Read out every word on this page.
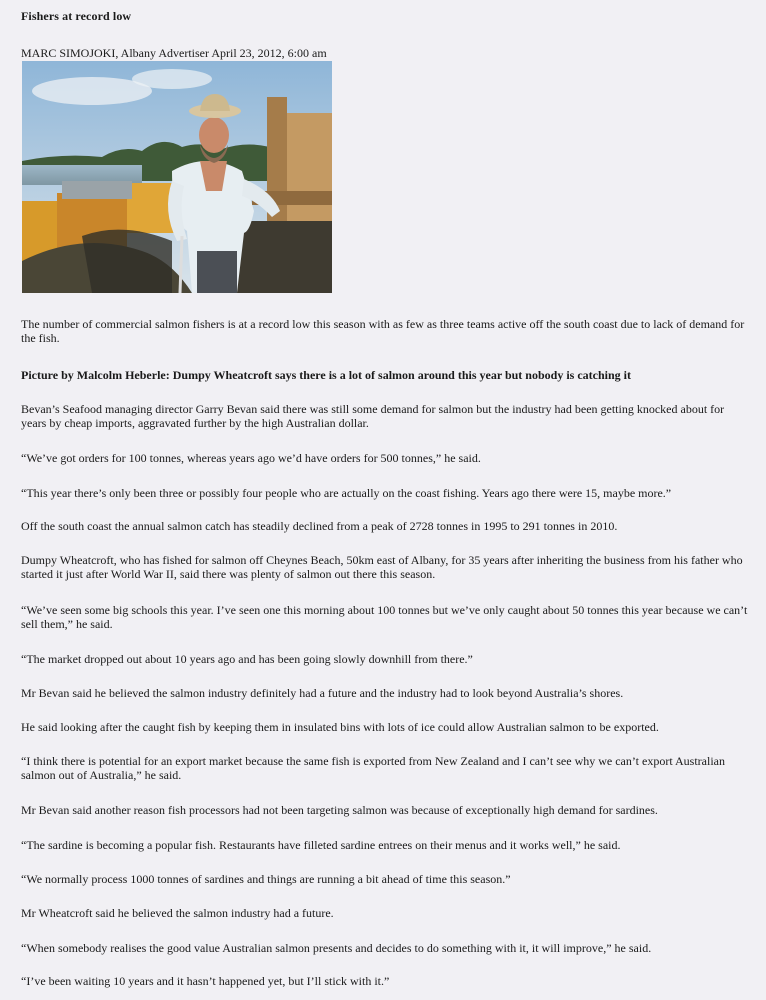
Fishers at record low
MARC SIMOJOKI, Albany Advertiser April 23, 2012, 6:00 am

The number of commercial salmon fishers is at a record low this season with as few as three teams active off the south coast due to lack of demand for the fish.

Picture by Malcolm Heberle: Dumpy Wheatcroft says there is a lot of salmon around this year but nobody is catching it

Bevan’s Seafood managing director Garry Bevan said there was still some demand for salmon but the industry had been getting knocked about for years by cheap imports, aggravated further by the high Australian dollar.

“We’ve got orders for 100 tonnes, whereas years ago we’d have orders for 500 tonnes,” he said.

“This year there’s only been three or possibly four people who are actually on the coast fishing. Years ago there were 15, maybe more.”

Off the south coast the annual salmon catch has steadily declined from a peak of 2728 tonnes in 1995 to 291 tonnes in 2010.

Dumpy Wheatcroft, who has fished for salmon off Cheynes Beach, 50km east of Albany, for 35 years after inheriting the business from his father who started it just after World War II, said there was plenty of salmon out there this season.

“We’ve seen some big schools this year. I’ve seen one this morning about 100 tonnes but we’ve only caught about 50 tonnes this year because we can’t sell them,” he said.

“The market dropped out about 10 years ago and has been going slowly downhill from there.”

Mr Bevan said he believed the salmon industry definitely had a future and the industry had to look beyond Australia’s shores.

He said looking after the caught fish by keeping them in insulated bins with lots of ice could allow Australian salmon to be exported.

“I think there is potential for an export market because the same fish is exported from New Zealand and I can’t see why we can’t export Australian salmon out of Australia,” he said.

Mr Bevan said another reason fish processors had not been targeting salmon was because of exceptionally high demand for sardines.

“The sardine is becoming a popular fish. Restaurants have filleted sardine entrees on their menus and it works well,” he said.

“We normally process 1000 tonnes of sardines and things are running a bit ahead of time this season.”

Mr Wheatcroft said he believed the salmon industry had a future.

“When somebody realises the good value Australian salmon presents and decides to do something with it, it will improve,” he said.

“I’ve been waiting 10 years and it hasn’t happened yet, but I’ll stick with it.”
